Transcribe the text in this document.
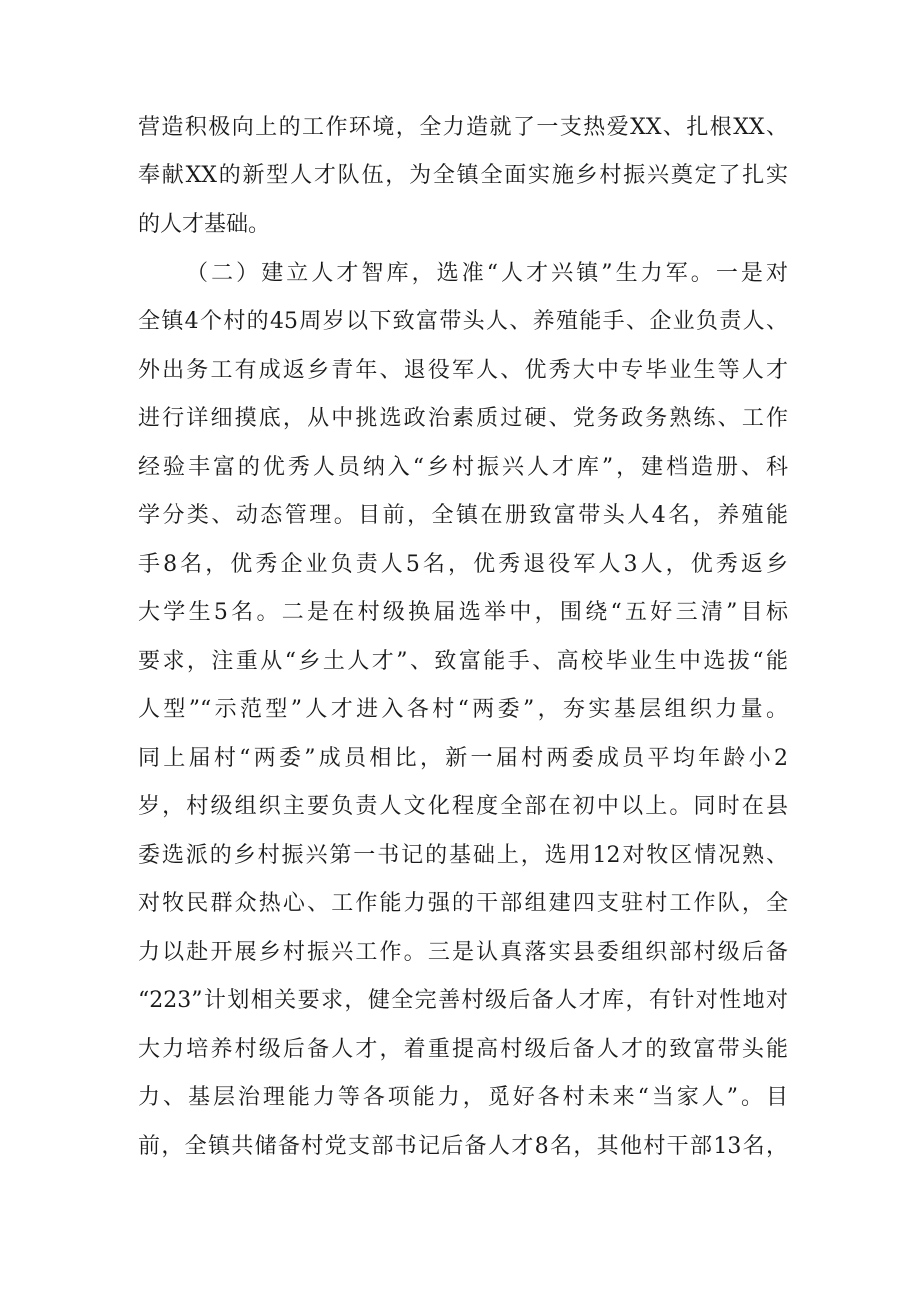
营造积极向上的工作环境，全力造就了一支热爱XX、扎根XX、
奉献XX的新型人才队伍，为全镇全面实施乡村振兴奠定了扎实
的人才基础。
（二）建立人才智库，选准“人才兴镇”生力军。一是对
全镇4个村的45周岁以下致富带头人、养殖能手、企业负责人、
外出务工有成返乡青年、退役军人、优秀大中专毕业生等人才
进行详细摸底，从中挑选政治素质过硬、党务政务熟练、工作
经验丰富的优秀人员纳入“乡村振兴人才库”，建档造册、科
学分类、动态管理。目前，全镇在册致富带头人4名，养殖能
手8名，优秀企业负责人5名，优秀退役军人3人，优秀返乡
大学生5名。二是在村级换届选举中，围绕“五好三清”目标
要求，注重从“乡土人才”、致富能手、高校毕业生中选拔“能
人型”“示范型”人才进入各村“两委”，夯实基层组织力量。
同上届村“两委”成员相比，新一届村两委成员平均年龄小2
岁，村级组织主要负责人文化程度全部在初中以上。同时在县
委选派的乡村振兴第一书记的基础上，选用12对牧区情况熟、
对牧民群众热心、工作能力强的干部组建四支驻村工作队，全
力以赴开展乡村振兴工作。三是认真落实县委组织部村级后备
“223”计划相关要求，健全完善村级后备人才库，有针对性地对
大力培养村级后备人才，着重提高村级后备人才的致富带头能
力、基层治理能力等各项能力，觅好各村未来“当家人”。目
前，全镇共储备村党支部书记后备人才8名，其他村干部13名，
